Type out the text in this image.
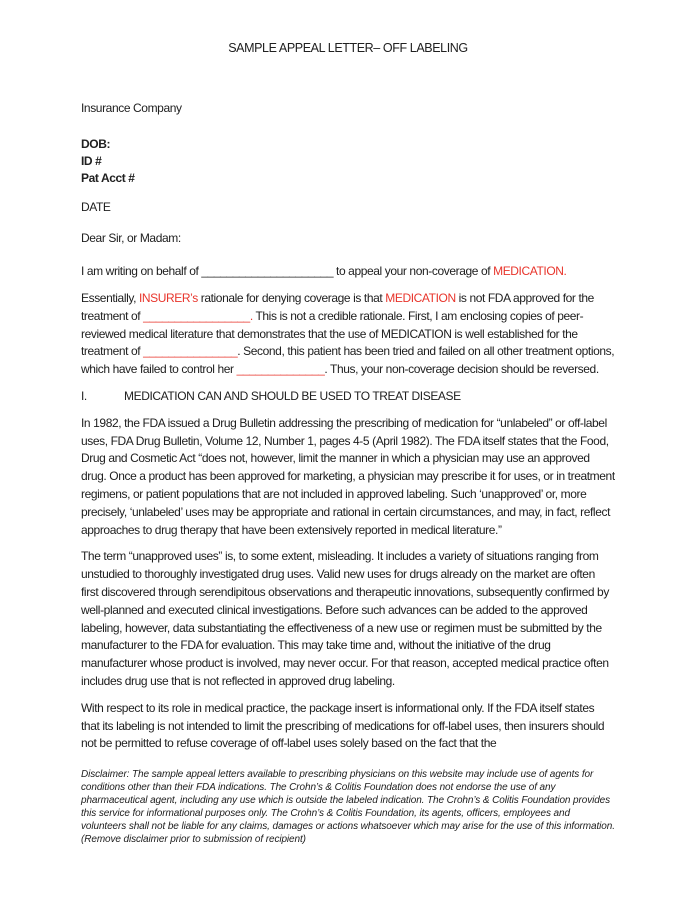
SAMPLE APPEAL LETTER– OFF LABELING

Insurance Company

DOB:
ID #
Pat Acct #

DATE

Dear Sir, or Madam:

I am writing on behalf of _____________________ to appeal your non-coverage of MEDICATION.

Essentially, INSURER’s rationale for denying coverage is that MEDICATION is not FDA approved for the treatment of _________________. This is not a credible rationale. First, I am enclosing copies of peer-reviewed medical literature that demonstrates that the use of MEDICATION is well established for the treatment of _______________. Second, this patient has been tried and failed on all other treatment options, which have failed to control her ______________. Thus, your non-coverage decision should be reversed.

I.	MEDICATION CAN AND SHOULD BE USED TO TREAT DISEASE

In 1982, the FDA issued a Drug Bulletin addressing the prescribing of medication for “unlabeled” or off-label uses, FDA Drug Bulletin, Volume 12, Number 1, pages 4-5 (April 1982). The FDA itself states that the Food, Drug and Cosmetic Act “does not, however, limit the manner in which a physician may use an approved drug. Once a product has been approved for marketing, a physician may prescribe it for uses, or in treatment regimens, or patient populations that are not included in approved labeling. Such ‘unapproved’ or, more precisely, ‘unlabeled’ uses may be appropriate and rational in certain circumstances, and may, in fact, reflect approaches to drug therapy that have been extensively reported in medical literature.”

The term “unapproved uses” is, to some extent, misleading. It includes a variety of situations ranging from unstudied to thoroughly investigated drug uses. Valid new uses for drugs already on the market are often first discovered through serendipitous observations and therapeutic innovations, subsequently confirmed by well-planned and executed clinical investigations. Before such advances can be added to the approved labeling, however, data substantiating the effectiveness of a new use or regimen must be submitted by the manufacturer to the FDA for evaluation. This may take time and, without the initiative of the drug manufacturer whose product is involved, may never occur. For that reason, accepted medical practice often includes drug use that is not reflected in approved drug labeling.

With respect to its role in medical practice, the package insert is informational only. If the FDA itself states that its labeling is not intended to limit the prescribing of medications for off-label uses, then insurers should not be permitted to refuse coverage of off-label uses solely based on the fact that the

Disclaimer: The sample appeal letters available to prescribing physicians on this website may include use of agents for conditions other than their FDA indications. The Crohn’s & Colitis Foundation does not endorse the use of any pharmaceutical agent, including any use which is outside the labeled indication. The Crohn’s & Colitis Foundation provides this service for informational purposes only. The Crohn’s & Colitis Foundation, its agents, officers, employees and volunteers shall not be liable for any claims, damages or actions whatsoever which may arise for the use of this information. (Remove disclaimer prior to submission of recipient)
